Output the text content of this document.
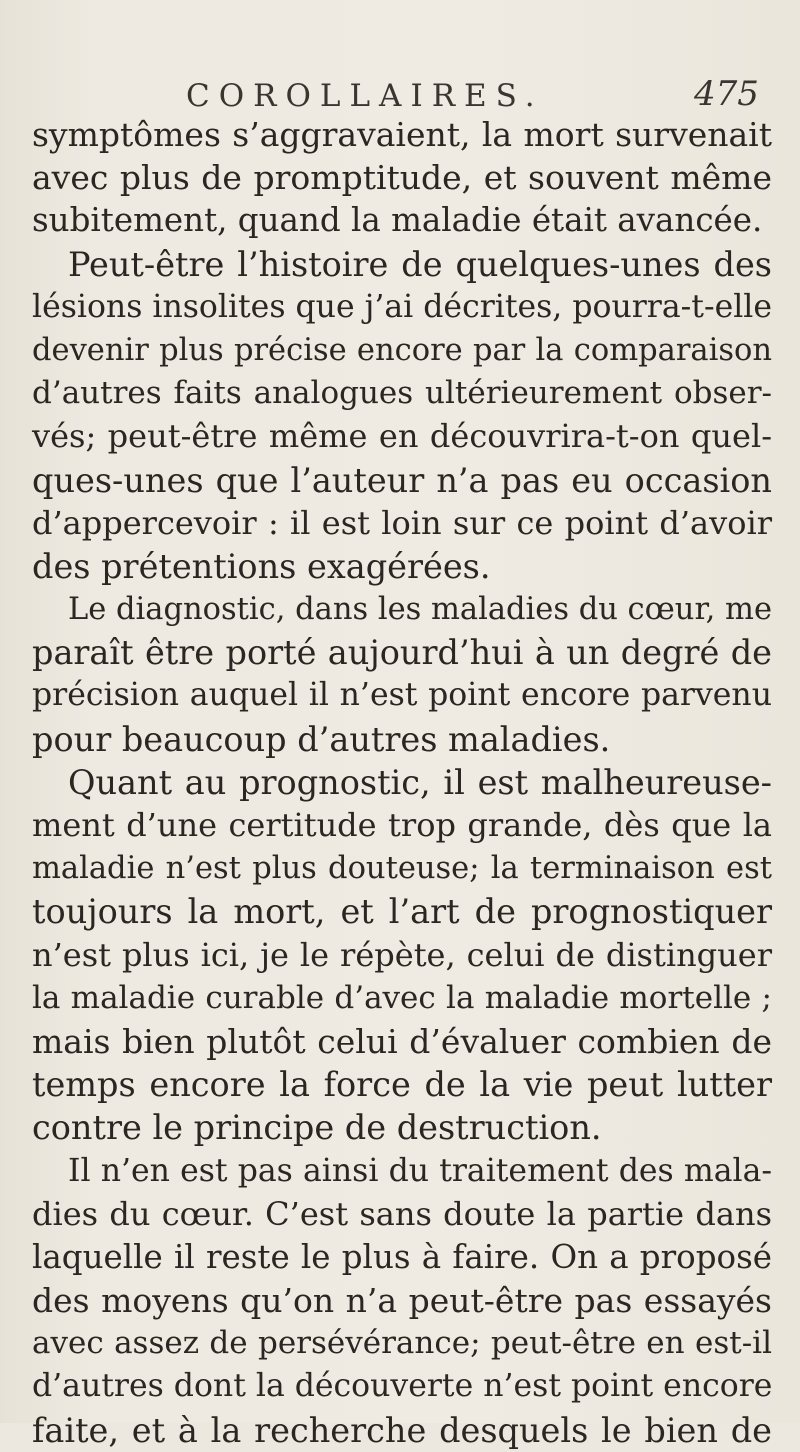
COROLLAIRES.	475
symptômes s’aggravaient, la mort survenait
avec plus de promptitude, et souvent même
subitement, quand la maladie était avancée.
Peut-être l’histoire de quelques-unes des
lésions insolites que j’ai décrites, pourra-t-elle
devenir plus précise encore par la comparaison
d’autres faits analogues ultérieurement obser-
vés; peut-être même en découvrira-t-on quel-
ques-unes que l’auteur n’a pas eu occasion
d’appercevoir : il est loin sur ce point d’avoir
des prétentions exagérées.
Le diagnostic, dans les maladies du cœur, me
paraît être porté aujourd’hui à un degré de
précision auquel il n’est point encore parvenu
pour beaucoup d’autres maladies.
Quant au prognostic, il est malheureuse-
ment d’une certitude trop grande, dès que la
maladie n’est plus douteuse; la terminaison est
toujours la mort, et l’art de prognostiquer
n’est plus ici, je le répète, celui de distinguer
la maladie curable d’avec la maladie mortelle ;
mais bien plutôt celui d’évaluer combien de
temps encore la force de la vie peut lutter
contre le principe de destruction.
Il n’en est pas ainsi du traitement des mala-
dies du cœur. C’est sans doute la partie dans
laquelle il reste le plus à faire. On a proposé
des moyens qu’on n’a peut-être pas essayés
avec assez de persévérance; peut-être en est-il
d’autres dont la découverte n’est point encore
faite, et à la recherche desquels le bien de
